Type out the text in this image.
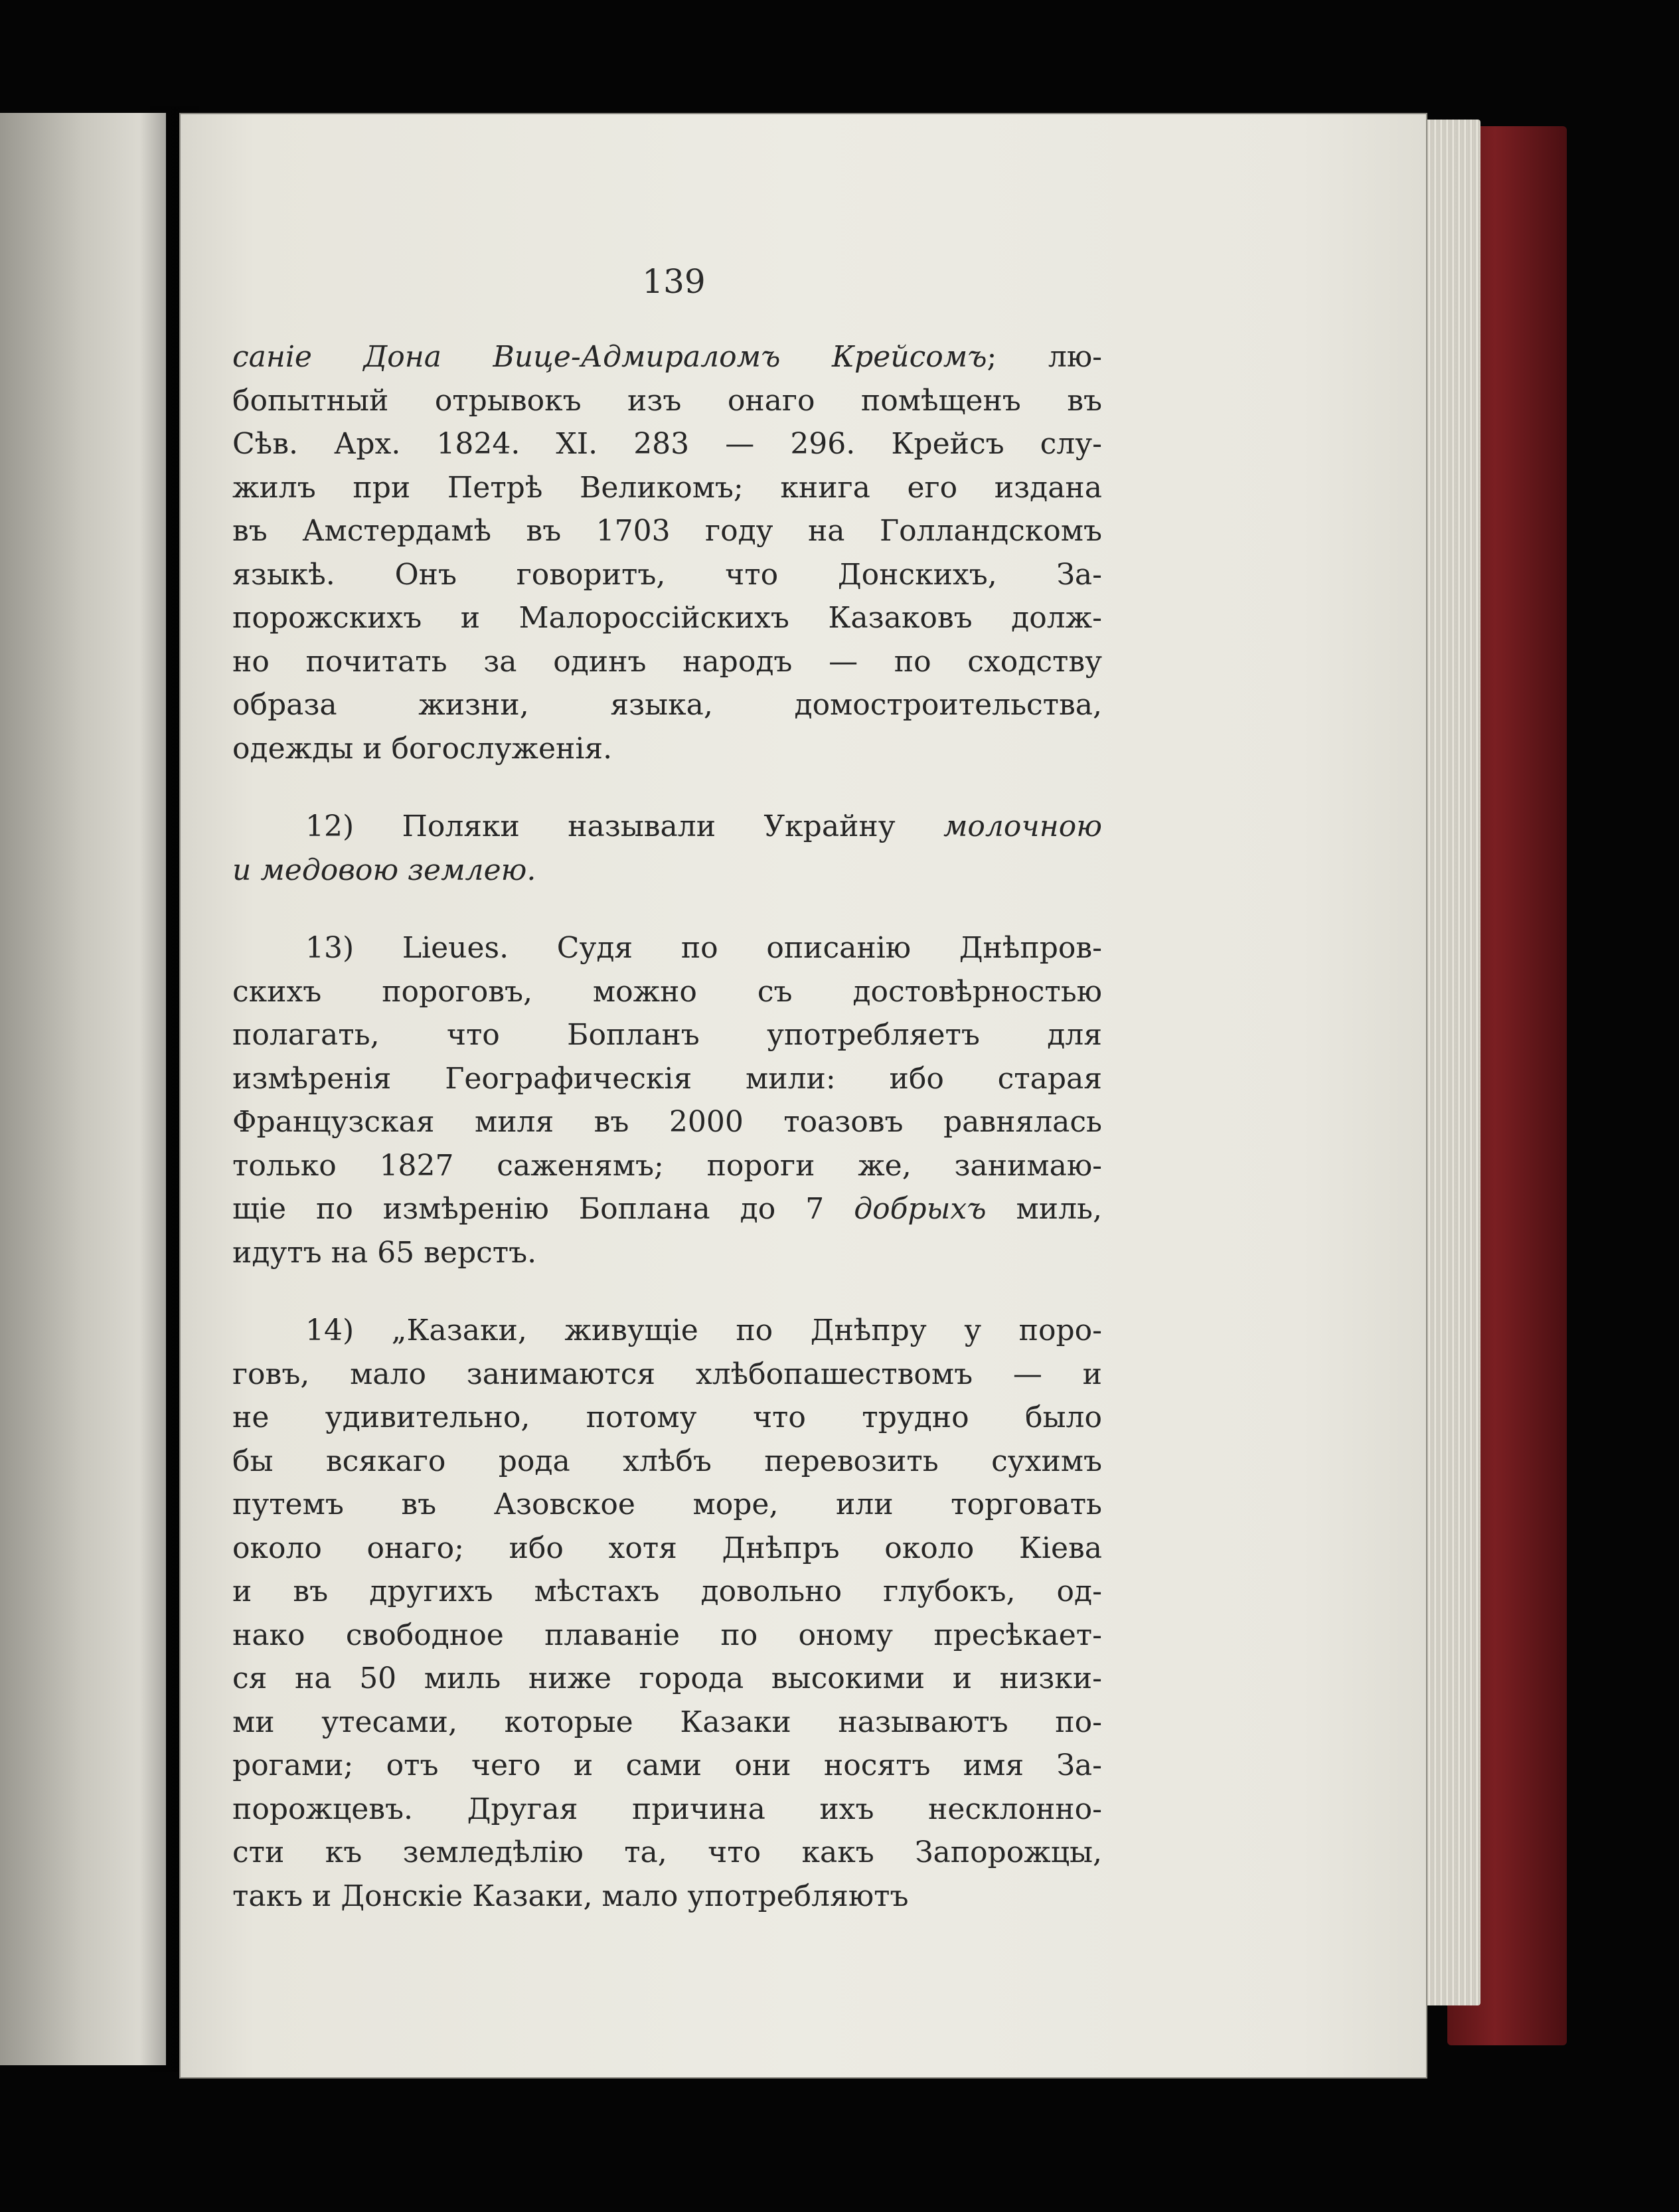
139
саніе Дона Вице-Адмираломъ Крейсомъ; лю-
бопытный отрывокъ изъ онаго помѣщенъ въ
Сѣв. Арх. 1824. XI. 283 — 296. Крейсъ слу-
жилъ при Петрѣ Великомъ; книга его издана
въ Амстердамѣ въ 1703 году на Голландскомъ
языкѣ. Онъ говоритъ, что Донскихъ, За-
порожскихъ и Малороссійскихъ Казаковъ долж-
но почитать за одинъ народъ — по сходству
образа жизни, языка, домостроительства,
одежды и богослуженія.
12) Поляки называли Украйну молочною
и медовою землею.
13) Lieues. Судя по описанію Днѣпров-
скихъ пороговъ, можно съ достовѣрностью
полагать, что Бопланъ употребляетъ для
измѣренія Географическія мили: ибо старая
Французская миля въ 2000 тоазовъ равнялась
только 1827 саженямъ; пороги же, занимаю-
щіе по измѣренію Боплана до 7 добрыхъ миль,
идутъ на 65 верстъ.
14) „Казаки, живущіе по Днѣпру у поро-
говъ, мало занимаются хлѣбопашествомъ — и
не удивительно, потому что трудно было
бы всякаго рода хлѣбъ перевозить сухимъ
путемъ въ Азовское море, или торговать
около онаго; ибо хотя Днѣпръ около Кіева
и въ другихъ мѣстахъ довольно глубокъ, од-
нако свободное плаваніе по оному пресѣкает-
ся на 50 миль ниже города высокими и низки-
ми утесами, которые Казаки называютъ по-
рогами; отъ чего и сами они носятъ имя За-
порожцевъ. Другая причина ихъ несклонно-
сти къ земледѣлію та, что какъ Запорожцы,
такъ и Донскіе Казаки, мало употребляютъ
